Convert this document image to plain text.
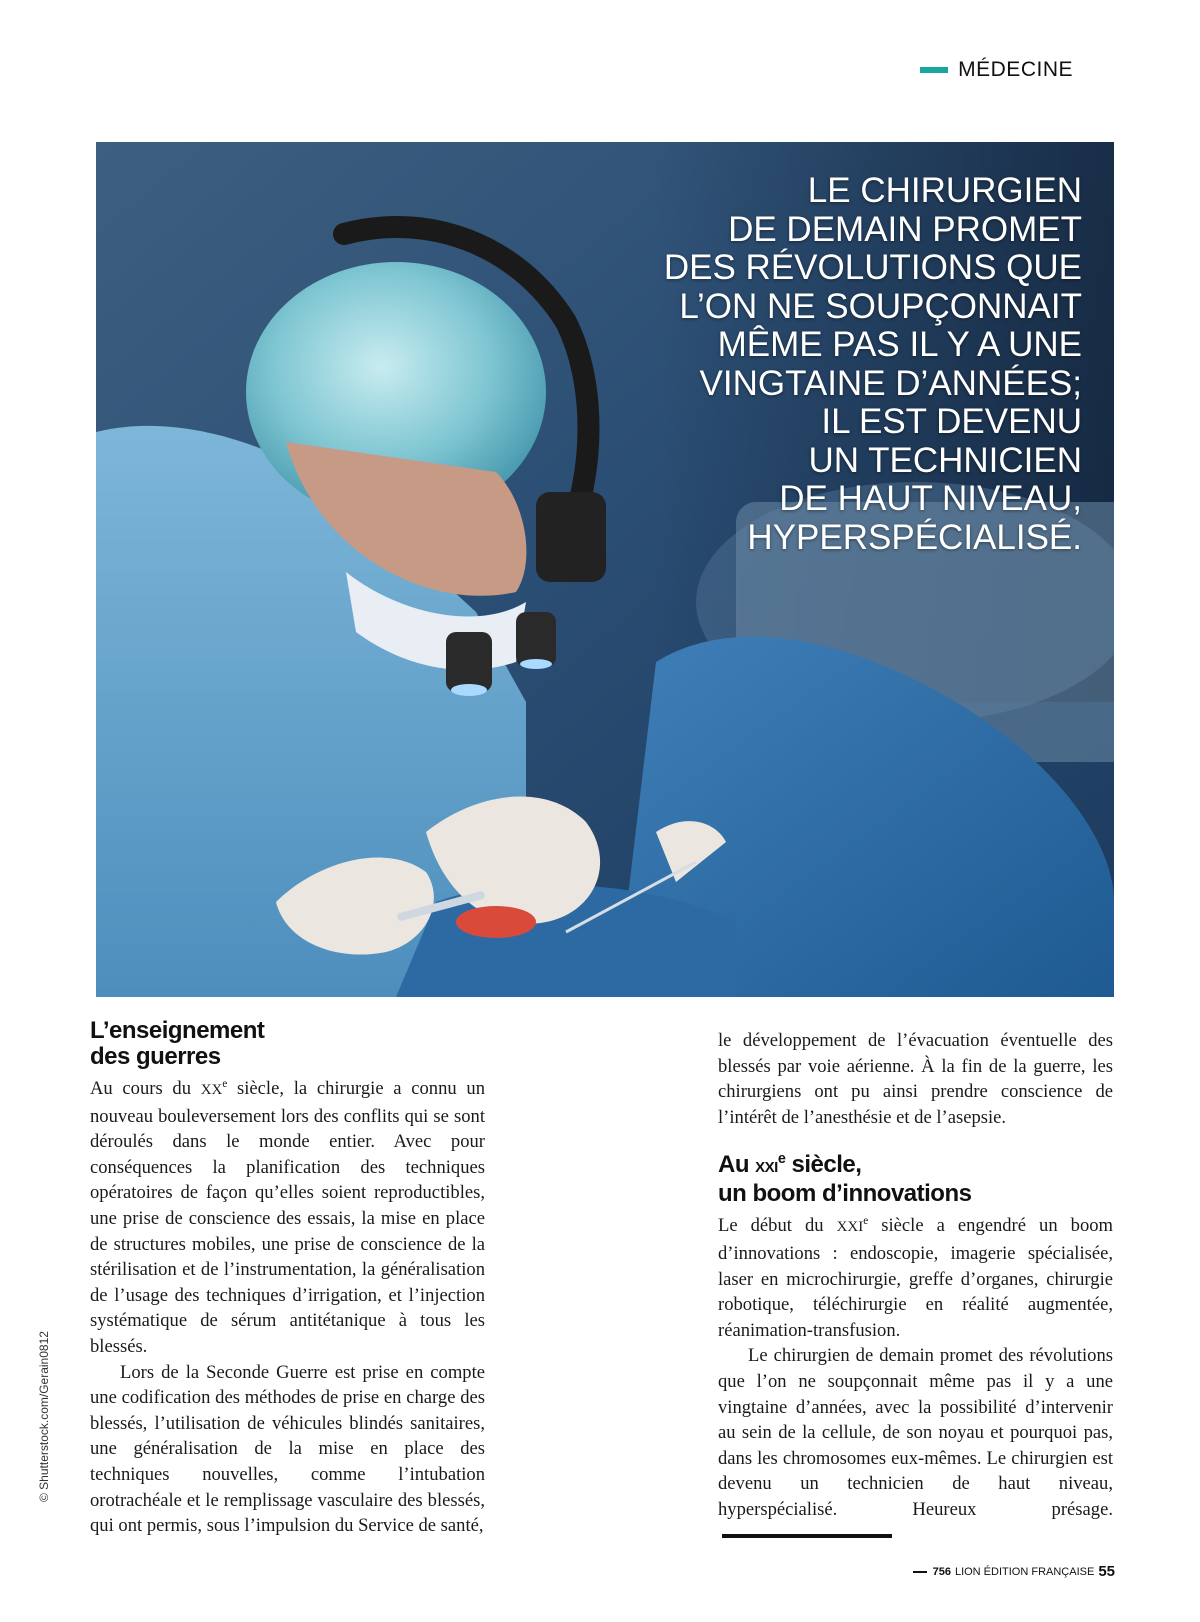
MÉDECINE
LE CHIRURGIEN
DE DEMAIN PROMET
DES RÉVOLUTIONS QUE
L’ON NE SOUPÇONNAIT
MÊME PAS IL Y A UNE
VINGTAINE D’ANNÉES;
IL EST DEVENU
UN TECHNICIEN
DE HAUT NIVEAU,
HYPERSPÉCIALISÉ.
© Shutterstock.com/Gerain0812
L’enseignement
des guerres

Au cours du XXe siècle, la chirurgie a connu un nouveau bouleversement lors des conflits qui se sont déroulés dans le monde entier. Avec pour conséquences la planification des techniques opératoires de façon qu’elles soient reproductibles, une prise de conscience des essais, la mise en place de structures mobiles, une prise de conscience de la stérilisation et de l’instrumentation, la généralisation de l’usage des techniques d’irrigation, et l’injection systématique de sérum antitétanique à tous les blessés.

Lors de la Seconde Guerre est prise en compte une codification des méthodes de prise en charge des blessés, l’utilisation de véhicules blindés sanitaires, une généralisation de la mise en place des techniques nouvelles, comme l’intubation orotrachéale et le remplissage vasculaire des blessés, qui ont permis, sous l’impulsion du Service de santé,

le développement de l’évacuation éventuelle des blessés par voie aérienne. À la fin de la guerre, les chirurgiens ont pu ainsi prendre conscience de l’intérêt de l’anesthésie et de l’asepsie.

Au XXIe siècle,
un boom d’innovations

Le début du XXIe siècle a engendré un boom d’innovations : endoscopie, imagerie spécialisée, laser en microchirurgie, greffe d’organes, chirurgie robotique, téléchirurgie en réalité augmentée, réanimation-transfusion.

Le chirurgien de demain promet des révolutions que l’on ne soupçonnait même pas il y a une vingtaine d’années, avec la possibilité d’intervenir au sein de la cellule, de son noyau et pourquoi pas, dans les chromosomes eux-mêmes. Le chirurgien est devenu un technicien de haut niveau, hyperspécialisé. Heureux présage.

756 LION ÉDITION FRANÇAISE 55
